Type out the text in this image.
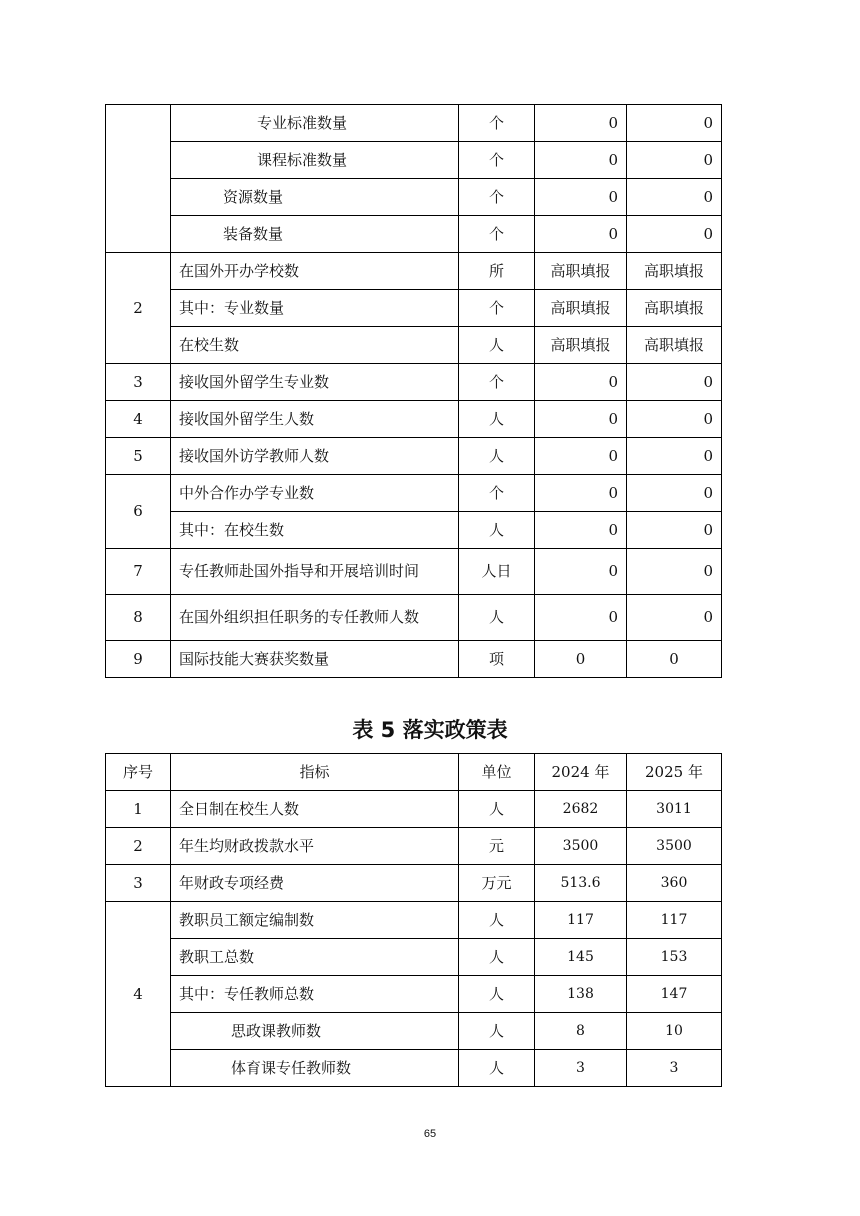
	专业标准数量	个	0	0
	课程标准数量	个	0	0
	资源数量	个	0	0
	装备数量	个	0	0
2	在国外开办学校数	所	高职填报	高职填报
	其中：专业数量	个	高职填报	高职填报
	在校生数	人	高职填报	高职填报
3	接收国外留学生专业数	个	0	0
4	接收国外留学生人数	人	0	0
5	接收国外访学教师人数	人	0	0
6	中外合作办学专业数	个	0	0
	其中：在校生数	人	0	0
7	专任教师赴国外指导和开展培训时间	人日	0	0
8	在国外组织担任职务的专任教师人数	人	0	0
9	国际技能大赛获奖数量	项	0	0
表 5 落实政策表
序号	指标	单位	2024 年	2025 年
1	全日制在校生人数	人	2682	3011
2	年生均财政拨款水平	元	3500	3500
3	年财政专项经费	万元	513.6	360
4	教职员工额定编制数	人	117	117
	教职工总数	人	145	153
	其中：专任教师总数	人	138	147
	思政课教师数	人	8	10
	体育课专任教师数	人	3	3
65
